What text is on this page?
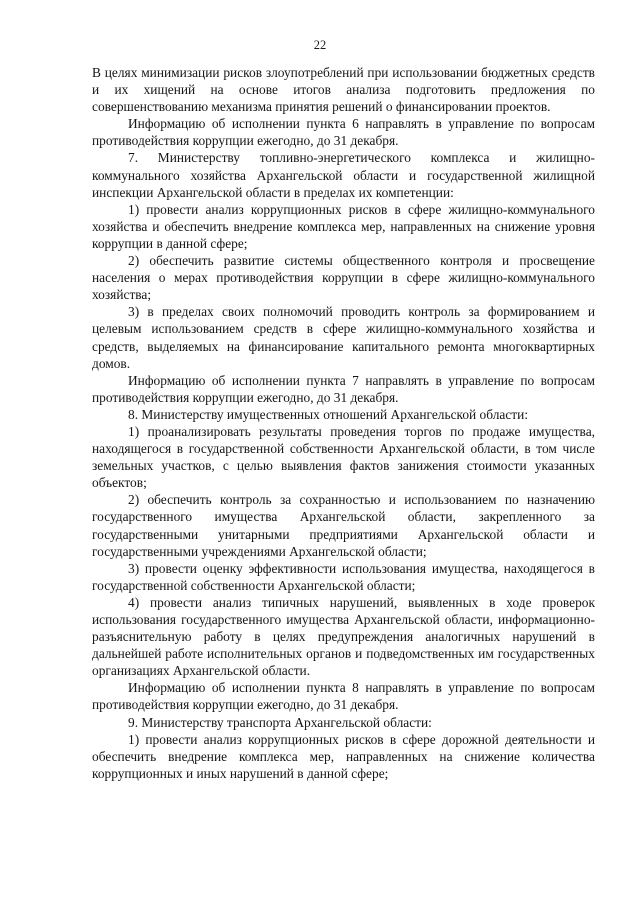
22

В целях минимизации рисков злоупотреблений при использовании бюджетных средств и их хищений на основе итогов анализа подготовить предложения по совершенствованию механизма принятия решений о финансировании проектов.

Информацию об исполнении пункта 6 направлять в управление по вопросам противодействия коррупции ежегодно, до 31 декабря.

7. Министерству топливно-энергетического комплекса и жилищно-коммунального хозяйства Архангельской области и государственной жилищной инспекции Архангельской области в пределах их компетенции:

1) провести анализ коррупционных рисков в сфере жилищно-коммунального хозяйства и обеспечить внедрение комплекса мер, направленных на снижение уровня коррупции в данной сфере;

2) обеспечить развитие системы общественного контроля и просвещение населения о мерах противодействия коррупции в сфере жилищно-коммунального хозяйства;

3) в пределах своих полномочий проводить контроль за формированием и целевым использованием средств в сфере жилищно-коммунального хозяйства и средств, выделяемых на финансирование капитального ремонта многоквартирных домов.

Информацию об исполнении пункта 7 направлять в управление по вопросам противодействия коррупции ежегодно, до 31 декабря.

8. Министерству имущественных отношений Архангельской области:

1) проанализировать результаты проведения торгов по продаже имущества, находящегося в государственной собственности Архангельской области, в том числе земельных участков, с целью выявления фактов занижения стоимости указанных объектов;

2) обеспечить контроль за сохранностью и использованием по назначению государственного имущества Архангельской области, закрепленного за государственными унитарными предприятиями Архангельской области и государственными учреждениями Архангельской области;

3) провести оценку эффективности использования имущества, находящегося в государственной собственности Архангельской области;

4) провести анализ типичных нарушений, выявленных в ходе проверок использования государственного имущества Архангельской области, информационно-разъяснительную работу в целях предупреждения аналогичных нарушений в дальнейшей работе исполнительных органов и подведомственных им государственных организациях Архангельской области.

Информацию об исполнении пункта 8 направлять в управление по вопросам противодействия коррупции ежегодно, до 31 декабря.

9. Министерству транспорта Архангельской области:

1) провести анализ коррупционных рисков в сфере дорожной деятельности и обеспечить внедрение комплекса мер, направленных на снижение количества коррупционных и иных нарушений в данной сфере;
